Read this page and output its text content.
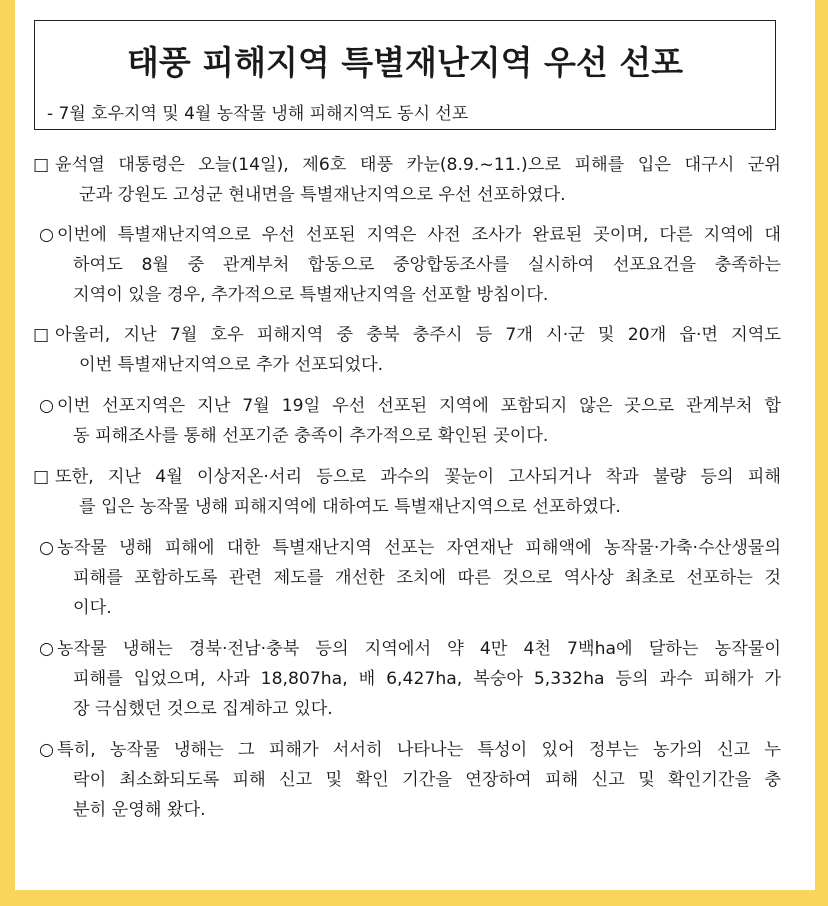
태풍 피해지역 특별재난지역 우선 선포
- 7월 호우지역 및 4월 농작물 냉해 피해지역도 동시 선포
□ 윤석열 대통령은 오늘(14일), 제6호 태풍 카눈(8.9.~11.)으로 피해를 입은 대구시 군위
군과 강원도 고성군 현내면을 특별재난지역으로 우선 선포하였다.
○ 이번에 특별재난지역으로 우선 선포된 지역은 사전 조사가 완료된 곳이며, 다른 지역에 대
하여도 8월 중 관계부처 합동으로 중앙합동조사를 실시하여 선포요건을 충족하는
지역이 있을 경우, 추가적으로 특별재난지역을 선포할 방침이다.
□ 아울러, 지난 7월 호우 피해지역 중 충북 충주시 등 7개 시·군 및 20개 읍·면 지역도
이번 특별재난지역으로 추가 선포되었다.
○ 이번 선포지역은 지난 7월 19일 우선 선포된 지역에 포함되지 않은 곳으로 관계부처 합
동 피해조사를 통해 선포기준 충족이 추가적으로 확인된 곳이다.
□ 또한, 지난 4월 이상저온·서리 등으로 과수의 꽃눈이 고사되거나 착과 불량 등의 피해
를 입은 농작물 냉해 피해지역에 대하여도 특별재난지역으로 선포하였다.
○ 농작물 냉해 피해에 대한 특별재난지역 선포는 자연재난 피해액에 농작물·가축·수산생물의
피해를 포함하도록 관련 제도를 개선한 조치에 따른 것으로 역사상 최초로 선포하는 것
이다.
○ 농작물 냉해는 경북·전남·충북 등의 지역에서 약 4만 4천 7백ha에 달하는 농작물이
피해를 입었으며, 사과 18,807ha, 배 6,427ha, 복숭아 5,332ha 등의 과수 피해가 가
장 극심했던 것으로 집계하고 있다.
○ 특히, 농작물 냉해는 그 피해가 서서히 나타나는 특성이 있어 정부는 농가의 신고 누
락이 최소화되도록 피해 신고 및 확인 기간을 연장하여 피해 신고 및 확인기간을 충
분히 운영해 왔다.
